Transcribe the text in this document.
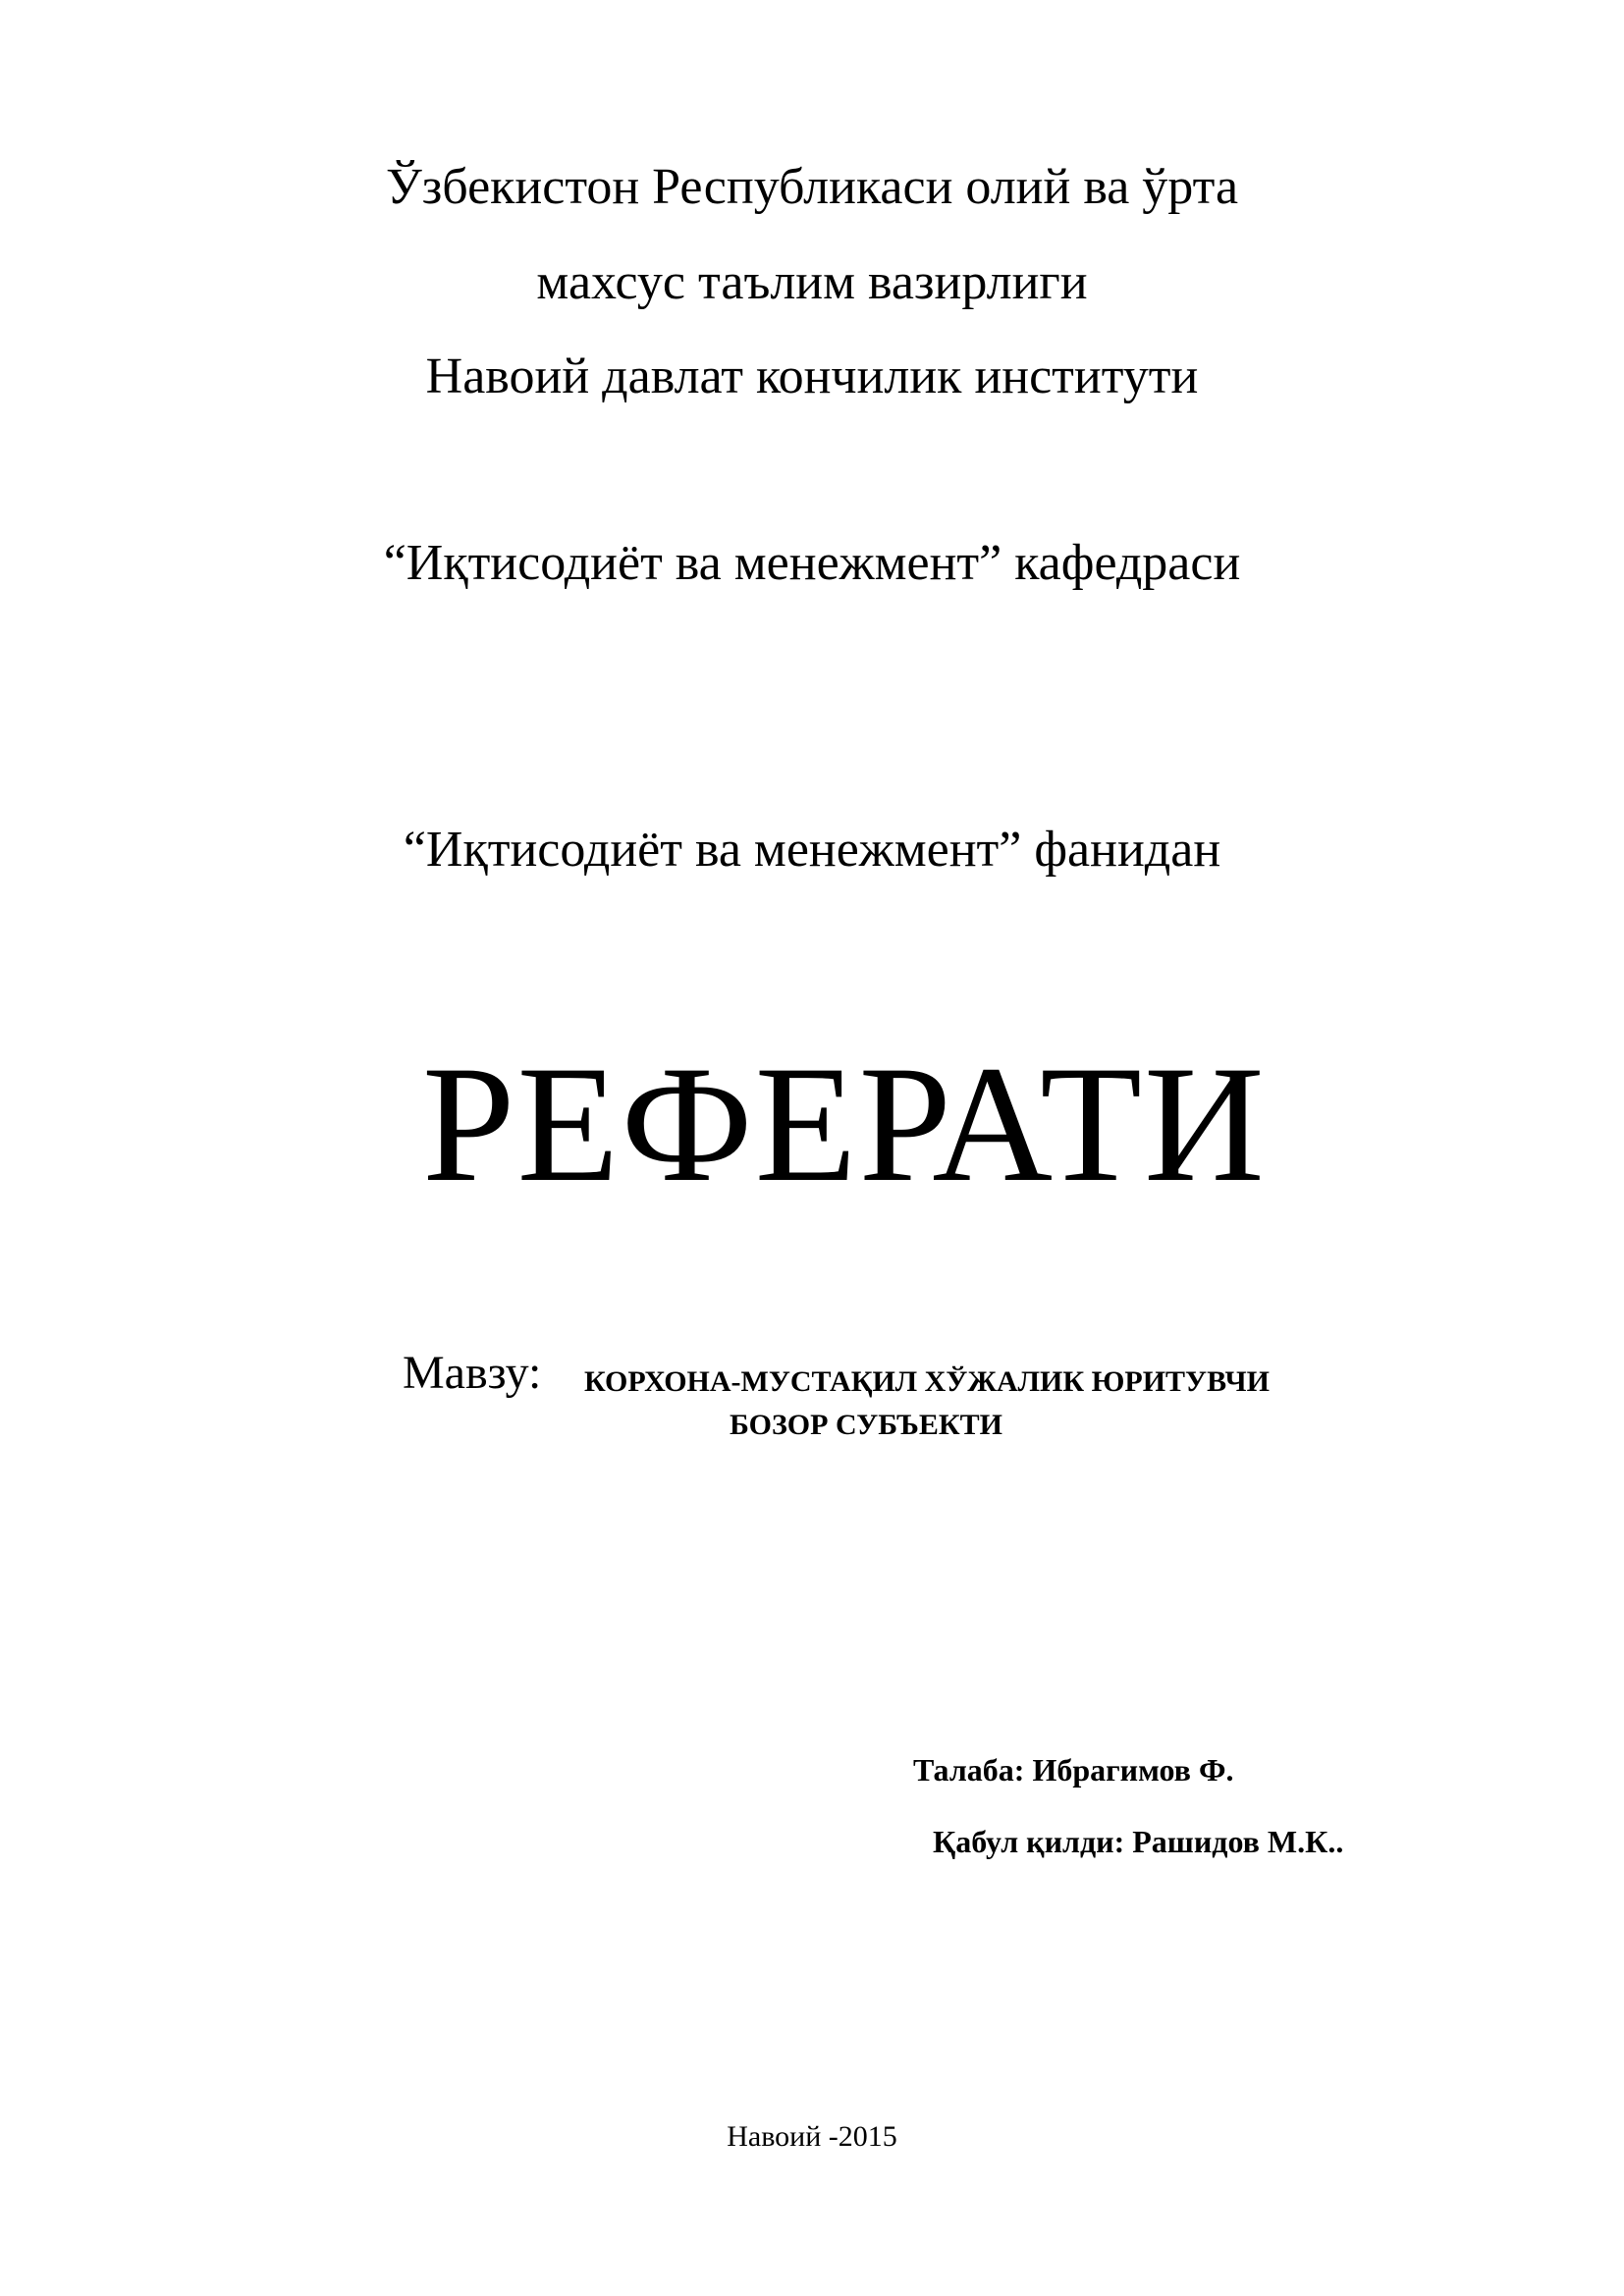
Ўзбекистон Республикаси олий ва ўрта
махсус таълим вазирлиги
Навоий давлат кончилик институти
“Иқтисодиёт ва менежмент” кафедраси
“Иқтисодиёт ва менежмент” фанидан
РЕФЕРАТИ
Мавзу: КОРХОНА-МУСТАҚИЛ ХЎЖАЛИК ЮРИТУВЧИ
БОЗОР СУБЪЕКТИ
Талаба: Ибрагимов Ф.
Қабул қилди: Рашидов М.К..
Навоий -2015
